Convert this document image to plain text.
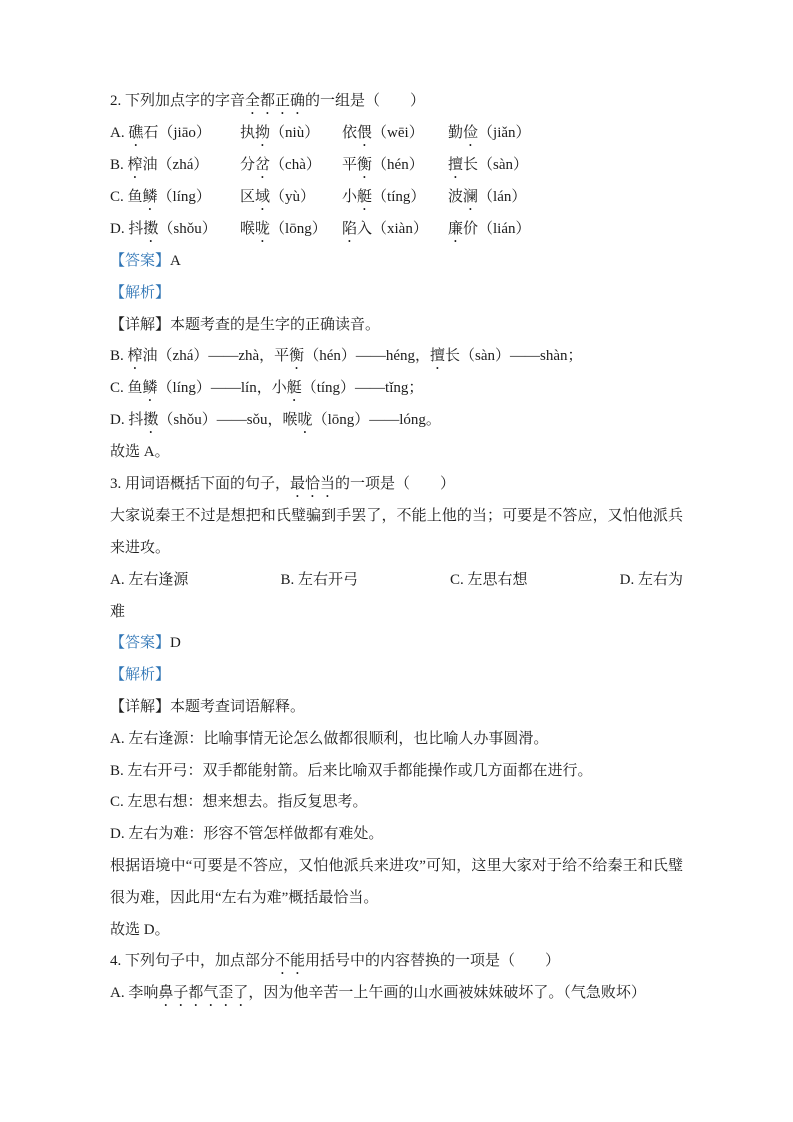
2. 下列加点字的字音全都正确的一组是（　　）

A. 礁石（jiāo）	执拗（niù）	依偎（wēi）	勤俭（jiǎn）

B. 榨油（zhá）	分岔（chà）	平衡（hén）	擅长（sàn）

C. 鱼鳞（líng）	区域（yù）	小艇（tíng）	波澜（lán）

D. 抖擞（shǒu）	喉咙（lōng）	陷入（xiàn）	廉价（lián）

【答案】A

【解析】

【详解】本题考查的是生字的正确读音。

B. 榨油（zhá）——zhà，平衡（hén）——héng，擅长（sàn）——shàn；

C. 鱼鳞（líng）——lín，小艇（tíng）——tǐng；

D. 抖擞（shǒu）——sǒu，喉咙（lōng）——lóng。

故选 A。

3. 用词语概括下面的句子，最恰当的一项是（　　）

大家说秦王不过是想把和氏璧骗到手罢了，不能上他的当；可要是不答应，又怕他派兵来进攻。

A. 左右逢源	B. 左右开弓	C. 左思右想	D. 左右为

难

【答案】D

【解析】

【详解】本题考查词语解释。

A. 左右逢源：比喻事情无论怎么做都很顺利，也比喻人办事圆滑。

B. 左右开弓：双手都能射箭。后来比喻双手都能操作或几方面都在进行。

C. 左思右想：想来想去。指反复思考。

D. 左右为难：形容不管怎样做都有难处。

根据语境中“可要是不答应，又怕他派兵来进攻”可知，这里大家对于给不给秦王和氏璧很为难，因此用“左右为难”概括最恰当。

故选 D。

4. 下列句子中，加点部分不能用括号中的内容替换的一项是（　　）

A. 李响鼻子都气歪了，因为他辛苦一上午画的山水画被妹妹破坏了。（气急败坏）
